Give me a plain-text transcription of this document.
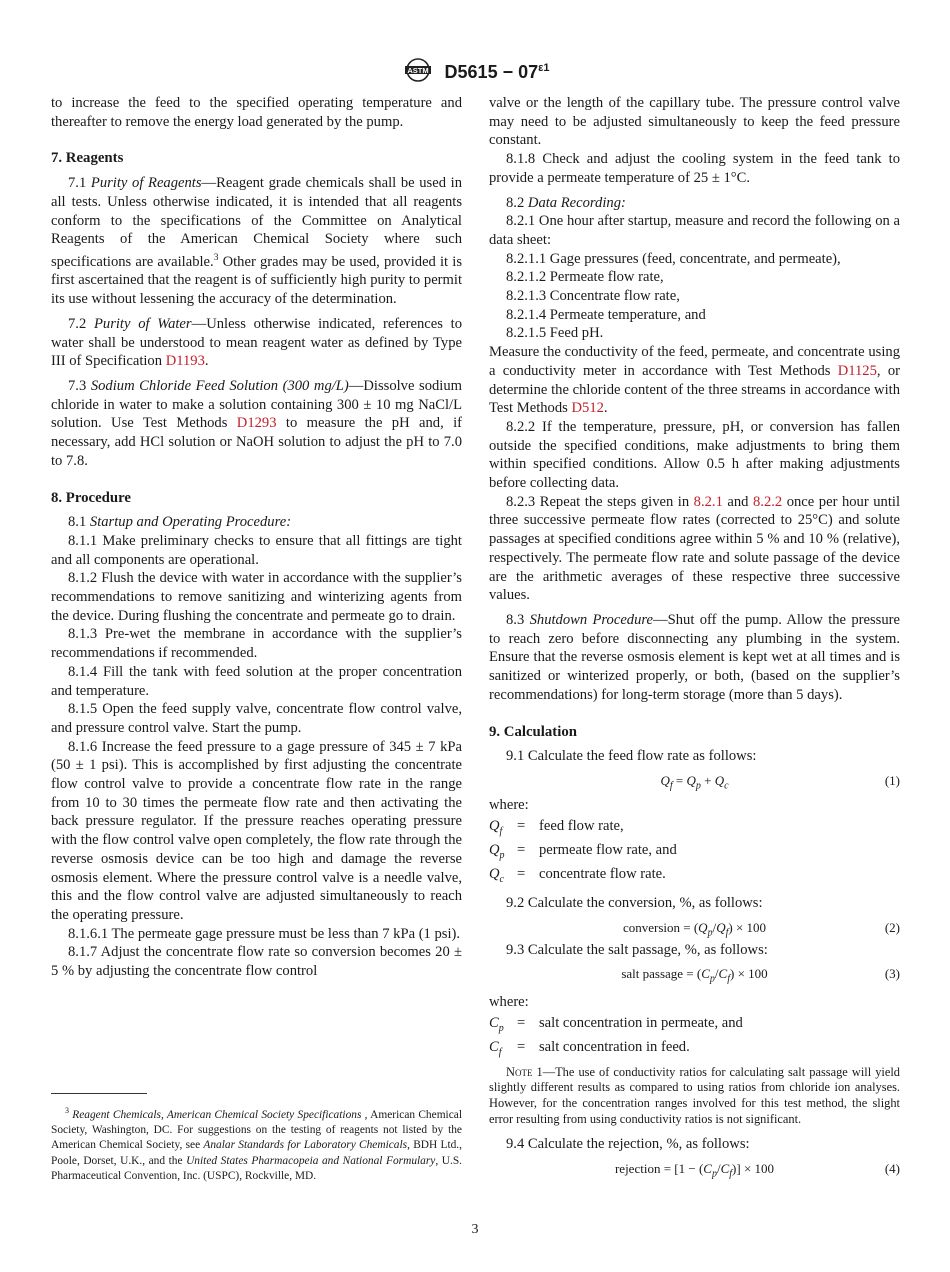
ASTM $D5615 - 07^{\varepsilon 1}$

to increase the feed to the specified operating temperature and thereafter to remove the energy load generated by the pump.

7. Reagents

7.1 Purity of Reagents—Reagent grade chemicals shall be used in all tests. Unless otherwise indicated, it is intended that all reagents conform to the specifications of the Committee on Analytical Reagents of the American Chemical Society where such specifications are available.$^3$ Other grades may be used, provided it is first ascertained that the reagent is of sufficiently high purity to permit its use without lessening the accuracy of the determination.

7.2 Purity of Water—Unless otherwise indicated, references to water shall be understood to mean reagent water as defined by Type III of Specification D1193.

7.3 Sodium Chloride Feed Solution (300 mg/L)—Dissolve sodium chloride in water to make a solution containing 300 ± 10 mg NaCl/L solution. Use Test Methods D1293 to measure the pH and, if necessary, add HCl solution or NaOH solution to adjust the pH to 7.0 to 7.8.

8. Procedure

8.1 Startup and Operating Procedure:

8.1.1 Make preliminary checks to ensure that all fittings are tight and all components are operational.

8.1.2 Flush the device with water in accordance with the supplier’s recommendations to remove sanitizing and winterizing agents from the device. During flushing the concentrate and permeate go to drain.

8.1.3 Pre-wet the membrane in accordance with the supplier’s recommendations if recommended.

8.1.4 Fill the tank with feed solution at the proper concentration and temperature.

8.1.5 Open the feed supply valve, concentrate flow control valve, and pressure control valve. Start the pump.

8.1.6 Increase the feed pressure to a gage pressure of 345 ± 7 kPa (50 ± 1 psi). This is accomplished by first adjusting the concentrate flow control valve to provide a concentrate flow rate in the range from 10 to 30 times the permeate flow rate and then activating the back pressure regulator. If the pressure reaches operating pressure with the flow control valve open completely, the flow rate through the reverse osmosis device can be too high and damage the reverse osmosis element. Where the pressure control valve is a needle valve, this and the flow control valve are adjusted simultaneously to reach the operating pressure.

8.1.6.1 The permeate gage pressure must be less than 7 kPa (1 psi).

8.1.7 Adjust the concentrate flow rate so conversion becomes 20 ± 5 % by adjusting the concentrate flow control

$^3$ Reagent Chemicals, American Chemical Society Specifications , American Chemical Society, Washington, DC. For suggestions on the testing of reagents not listed by the American Chemical Society, see Analar Standards for Laboratory Chemicals, BDH Ltd., Poole, Dorset, U.K., and the United States Pharmacopeia and National Formulary, U.S. Pharmaceutical Convention, Inc. (USPC), Rockville, MD.

valve or the length of the capillary tube. The pressure control valve may need to be adjusted simultaneously to keep the feed pressure constant.

8.1.8 Check and adjust the cooling system in the feed tank to provide a permeate temperature of 25 ± 1°C.

8.2 Data Recording:

8.2.1 One hour after startup, measure and record the following on a data sheet:

8.2.1.1 Gage pressures (feed, concentrate, and permeate),

8.2.1.2 Permeate flow rate,

8.2.1.3 Concentrate flow rate,

8.2.1.4 Permeate temperature, and

8.2.1.5 Feed pH.

Measure the conductivity of the feed, permeate, and concentrate using a conductivity meter in accordance with Test Methods D1125, or determine the chloride content of the three streams in accordance with Test Methods D512.

8.2.2 If the temperature, pressure, pH, or conversion has fallen outside the specified conditions, make adjustments to bring them within specified conditions. Allow 0.5 h after making adjustments before collecting data.

8.2.3 Repeat the steps given in 8.2.1 and 8.2.2 once per hour until three successive permeate flow rates (corrected to 25°C) and solute passages at specified conditions agree within 5 % and 10 % (relative), respectively. The permeate flow rate and solute passage of the device are the arithmetic averages of these respective three successive values.

8.3 Shutdown Procedure—Shut off the pump. Allow the pressure to reach zero before disconnecting any plumbing in the system. Ensure that the reverse osmosis element is kept wet at all times and is sanitized or winterized properly, or both, (based on the supplier’s recommendations) for long-term storage (more than 5 days).

9. Calculation

9.1 Calculate the feed flow rate as follows:

$Q_f = Q_p + Q_c$	(1)

where:

$Q_f$ = feed flow rate,
$Q_p$ = permeate flow rate, and
$Q_c$ = concentrate flow rate.

9.2 Calculate the conversion, %, as follows:

conversion = $(Q_p/Q_f) \times 100$	(2)

9.3 Calculate the salt passage, %, as follows:

salt passage = $(C_p/C_f) \times 100$	(3)

where:

$C_p$ = salt concentration in permeate, and
$C_f$ = salt concentration in feed.

Note 1—The use of conductivity ratios for calculating salt passage will yield slightly different results as compared to using ratios from chloride ion analyses. However, for the concentration ranges involved for this test method, the slight error resulting from using conductivity ratios is not significant.

9.4 Calculate the rejection, %, as follows:

rejection = $[1 - (C_p/C_f)] \times 100$	(4)
3
